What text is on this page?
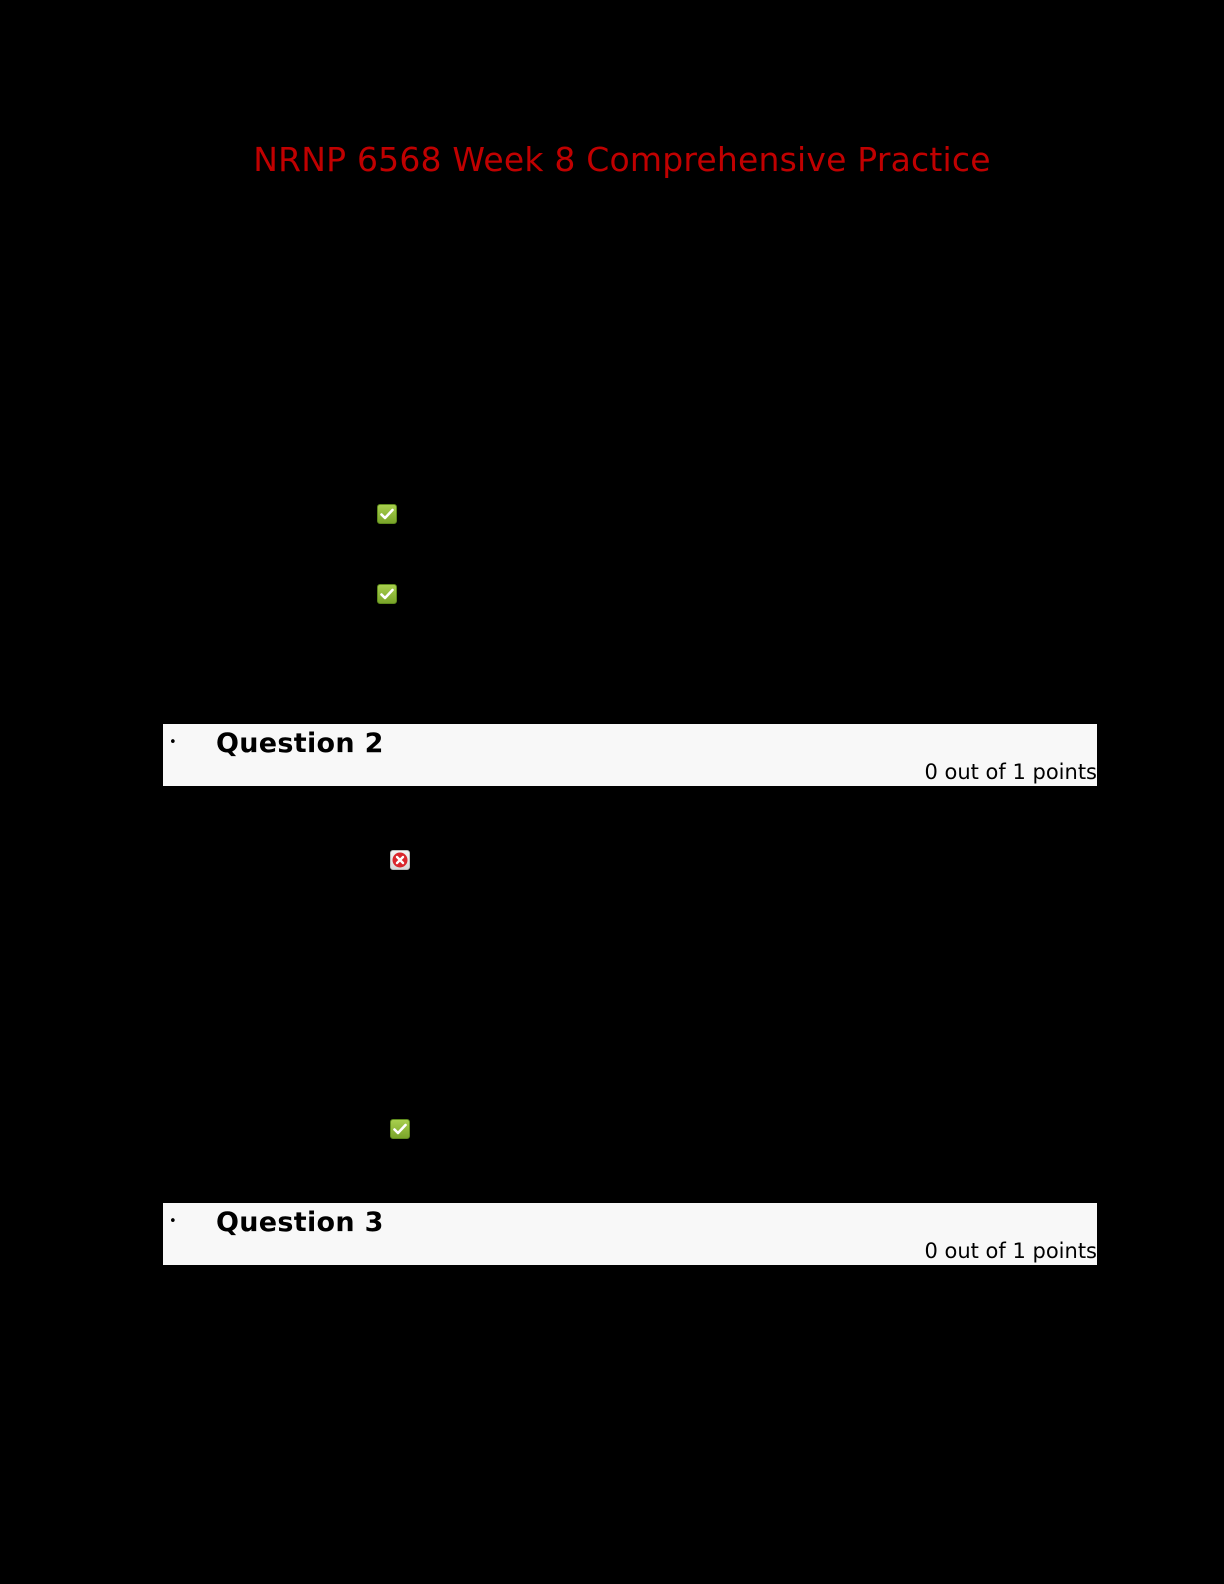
NRNP 6568 Week 8 Comprehensive Practice
• Question 2
0 out of 1 points
• Question 3
0 out of 1 points
